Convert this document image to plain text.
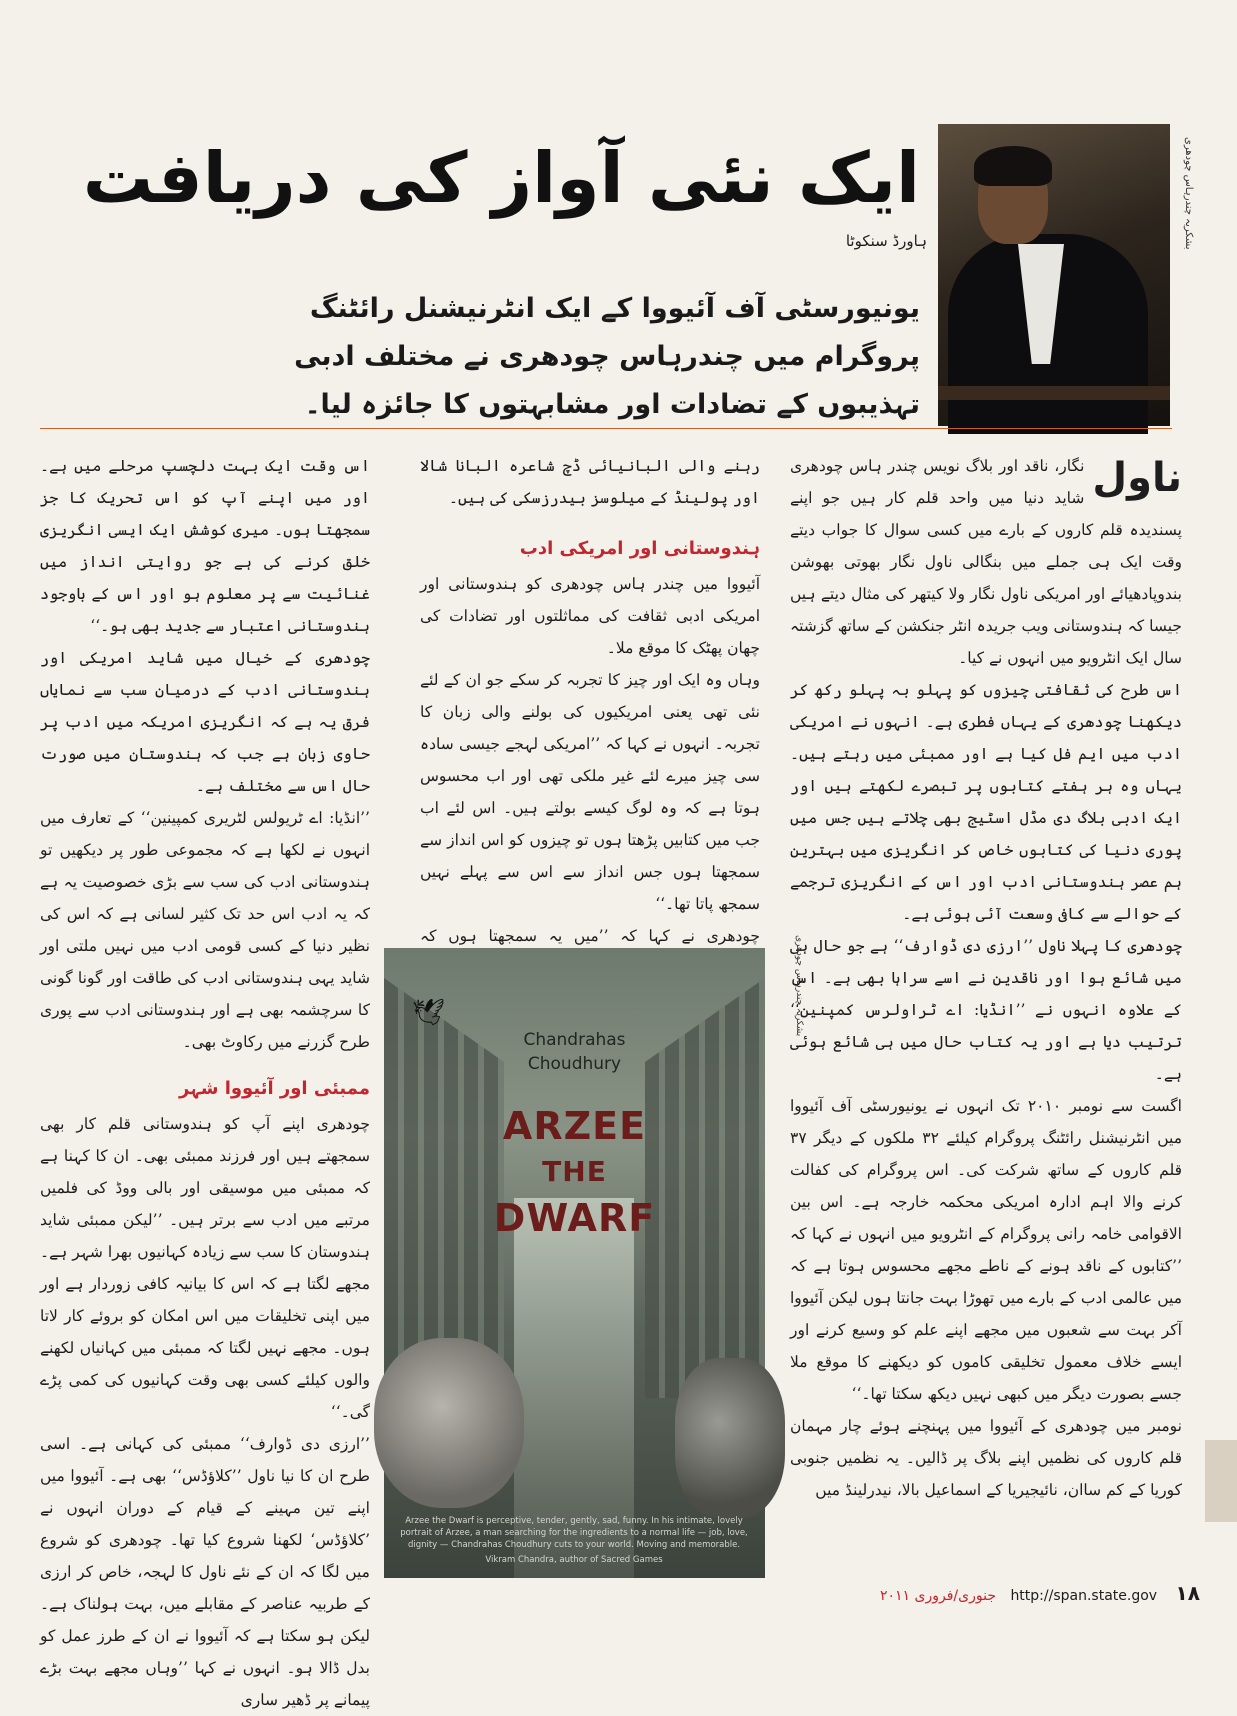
ایک نئی آواز کی دریافت
ہاورڈ سنکوٹا
یونیورسٹی آف آئیووا کے ایک انٹرنیشنل رائٹنگ پروگرام میں چندرہاس چودھری نے مختلف ادبی تہذیبوں کے تضادات اور مشابہتوں کا جائزہ لیا۔
بشکریہ چندرہاس چودھری
ناول

نگار، ناقد اور بلاگ نویس چندر ہاس چودھری شاید دنیا میں واحد قلم کار ہیں جو اپنے پسندیدہ قلم کاروں کے بارے میں کسی سوال کا جواب دیتے وقت ایک ہی جملے میں بنگالی ناول نگار بھوتی بھوشن بندوپادھیائے اور امریکی ناول نگار ولا کیتھر کی مثال دیتے ہیں جیسا کہ ہندوستانی ویب جریدہ انٹر جنکشن کے ساتھ گزشتہ سال ایک انٹرویو میں انہوں نے کیا۔

اس طرح کی ثقافتی چیزوں کو پہلو بہ پہلو رکھ کر دیکھنا چودھری کے یہاں فطری ہے۔ انہوں نے امریکی ادب میں ایم فل کیا ہے اور ممبئی میں رہتے ہیں۔ یہاں وہ ہر ہفتے کتابوں پر تبصرے لکھتے ہیں اور ایک ادبی بلاگ دی مڈل اسٹیج بھی چلاتے ہیں جس میں پوری دنیا کی کتابوں خاص کر انگریزی میں بہترین ہم عصر ہندوستانی ادب اور اس کے انگریزی ترجمے کے حوالے سے کافی وسعت آئی ہوئی ہے۔

چودھری کا پہلا ناول ’’ارزی دی ڈوارف‘‘ ہے جو حال ہی میں شائع ہوا اور ناقدین نے اسے سراہا بھی ہے۔ اس کے علاوہ انہوں نے ’’انڈیا: اے ٹراولرس کمپنین‘‘ ترتیب دیا ہے اور یہ کتاب حال میں ہی شائع ہوئی ہے۔

اگست سے نومبر ۲۰۱۰ تک انہوں نے یونیورسٹی آف آئیووا میں انٹرنیشنل رائٹنگ پروگرام کیلئے ۳۲ ملکوں کے دیگر ۳۷ قلم کاروں کے ساتھ شرکت کی۔ اس پروگرام کی کفالت کرنے والا اہم ادارہ امریکی محکمہ خارجہ ہے۔ اس بین الاقوامی خامہ رانی پروگرام کے انٹرویو میں انہوں نے کہا کہ ’’کتابوں کے ناقد ہونے کے ناطے مجھے محسوس ہوتا ہے کہ میں عالمی ادب کے بارے میں تھوڑا بہت جانتا ہوں لیکن آئیووا آکر بہت سے شعبوں میں مجھے اپنے علم کو وسیع کرنے اور ایسے خلاف معمول تخلیقی کاموں کو دیکھنے کا موقع ملا جسے بصورت دیگر میں کبھی نہیں دیکھ سکتا تھا۔‘‘

نومبر میں چودھری کے آئیووا میں پہنچنے ہوئے چار مہمان قلم کاروں کی نظمیں اپنے بلاگ پر ڈالیں۔ یہ نظمیں جنوبی کوریا کے کم ساان، نائیجیریا کے اسماعیل بالا، نیدرلینڈ میں

رہنے والی البانیائی ڈچ شاعرہ البانا شالا اور پولینڈ کے میلوسز بیدرزسکی کی ہیں۔

ہندوستانی اور امریکی ادب

آئیووا میں چندر ہاس چودھری کو ہندوستانی اور امریکی ادبی ثقافت کی مماثلتوں اور تضادات کی چھان پھٹک کا موقع ملا۔

وہاں وہ ایک اور چیز کا تجربہ کر سکے جو ان کے لئے نئی تھی یعنی امریکیوں کی بولنے والی زبان کا تجربہ۔ انہوں نے کہا کہ ’’امریکی لہجے جیسی سادہ سی چیز میرے لئے غیر ملکی تھی اور اب محسوس ہوتا ہے کہ وہ لوگ کیسے بولتے ہیں۔ اس لئے اب جب میں کتابیں پڑھتا ہوں تو چیزوں کو اس انداز سے سمجھتا ہوں جس انداز سے اس سے پہلے نہیں سمجھ پاتا تھا۔‘‘

چودھری نے کہا کہ ’’میں یہ سمجھتا ہوں کہ

اس وقت ایک بہت دلچسپ مرحلے میں ہے۔ اور میں اپنے آپ کو اس تحریک کا جز سمجھتا ہوں۔ میری کوشش ایک ایسی انگریزی خلق کرنے کی ہے جو روایتی انداز میں غنائیت سے پر معلوم ہو اور اس کے باوجود ہندوستانی اعتبار سے جدید بھی ہو۔‘‘

چودھری کے خیال میں شاید امریکی اور ہندوستانی ادب کے درمیان سب سے نمایاں فرق یہ ہے کہ انگریزی امریکہ میں ادب پر حاوی زبان ہے جب کہ ہندوستان میں صورت حال اس سے مختلف ہے۔

’’انڈیا: اے ٹریولس لٹریری کمپینین‘‘ کے تعارف میں انہوں نے لکھا ہے کہ مجموعی طور پر دیکھیں تو ہندوستانی ادب کی سب سے بڑی خصوصیت یہ ہے کہ یہ ادب اس حد تک کثیر لسانی ہے کہ اس کی نظیر دنیا کے کسی قومی ادب میں نہیں ملتی اور شاید یہی ہندوستانی ادب کی طاقت اور گونا گونی کا سرچشمہ بھی ہے اور ہندوستانی ادب سے پوری طرح گزرنے میں رکاوٹ بھی۔

ممبئی اور آئیووا شہر

چودھری اپنے آپ کو ہندوستانی قلم کار بھی سمجھتے ہیں اور فرزند ممبئی بھی۔ ان کا کہنا ہے کہ ممبئی میں موسیقی اور بالی ووڈ کی فلمیں مرتبے میں ادب سے برتر ہیں۔ ’’لیکن ممبئی شاید ہندوستان کا سب سے زیادہ کہانیوں بھرا شہر ہے۔ مجھے لگتا ہے کہ اس کا بیانیہ کافی زوردار ہے اور میں اپنی تخلیقات میں اس امکان کو بروئے کار لاتا ہوں۔ مجھے نہیں لگتا کہ ممبئی میں کہانیاں لکھنے والوں کیلئے کسی بھی وقت کہانیوں کی کمی پڑے گی۔‘‘

’’ارزی دی ڈوارف‘‘ ممبئی کی کہانی ہے۔ اسی طرح ان کا نیا ناول ’’کلاؤڈس‘‘ بھی ہے۔ آئیووا میں اپنے تین مہینے کے قیام کے دوران انہوں نے ’کلاؤڈس‘ لکھنا شروع کیا تھا۔ چودھری کو شروع میں لگا کہ ان کے نئے ناول کا لہجہ، خاص کر ارزی کے طربیہ عناصر کے مقابلے میں، بہت ہولناک ہے۔ لیکن ہو سکتا ہے کہ آئیووا نے ان کے طرز عمل کو بدل ڈالا ہو۔ انہوں نے کہا ’’وہاں مجھے بہت بڑے پیمانے پر ڈھیر ساری

🕊
Chandrahas Choudhury
ARZEE
THE
DWARF
Arzee the Dwarf is perceptive, tender, gently, sad, funny. In his intimate, lovely portrait of Arzee, a man searching for the ingredients to a normal life — job, love, dignity — Chandrahas Choudhury cuts to your world. Moving and memorable.
Vikram Chandra, author of Sacred Games
بشکریہ چندرہاس چودھری
جنوری/فروری ۲۰۱۱ http://span.state.gov ۱۸
